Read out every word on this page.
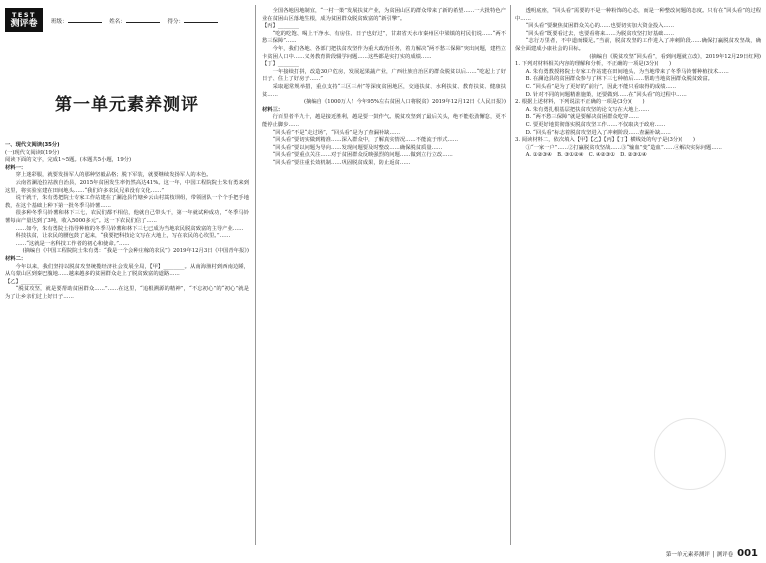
TEST
测评卷 班级：	姓名：	得分：
第一单元素养测评

一、现代文阅读(35分)

(一)现代文阅读Ⅰ(19分)

阅读下面的文字，完成1~5题。(本题共5小题，19分)

材料一：

穿上迷彩服，就要发扬军人的那种坚毅品格；脱下军装，就要继续发扬军人的本色。

云南省澜沧拉祜族自治县，2015年贫困发生率仍然高达41%。这一年，中国工程院院士朱有勇来到这里，将实验室建在田间地头……“我们许多农民兄弟没有文化……”

说干就干，朱有勇把院士专家工作站建在了澜沧县竹塘乡云山村蒿枝坝组，带领团队一个个手把手地教，在这个基础上种下第一批冬季马铃薯……

很多种冬季马铃薯和林下三七，农民们都不相信，他就自己带头干，第一年就试种成功，“冬季马铃薯每亩产量达到了3吨，收入5000多元”。这一下农民们信了……

……如今，朱有勇院士指导种植的冬季马铃薯和林下三七已成为当地农民脱贫致富的主导产业……

科技扶贫，让农民的腰包鼓了起来，“我要把科技论文写在大地上，写在农民的心坎里。”……

……“这就是一名科技工作者的初心和使命。”……

(摘编自《中国工程院院士朱有勇：“我是一个会种庄稼的农民”》2019年12月3日《中国青年报》)

材料二：

今年以来，我们坚持以脱贫攻坚统揽经济社会发展全局，【甲】________。从南海渔村到西南边陲，从乌蒙山区到秦巴腹地……越来越多的贫困群众走上了脱贫致富的道路……

【乙】________

“脱贫攻坚，就是要帮助贫困群众……”……在这里，“追根溯源的精神”，“不忘初心”的“初心”就是为了让乡亲们过上好日子……

全国各地因地制宜，“一村一策”发展扶贫产业，为贫困山区的群众带来了新的希望……一大批特色产业在贫困山区落地生根，成为贫困群众脱贫致富的“新引擎”。

【丙】________

“吃的吃饱、喝上干净水、有房住、日子也好过”，甘肃省天水市秦州区中梁镇的村民们说……“两不愁三保障”……

今年，我们各地、各部门把扶贫攻坚作为重大政治任务，着力解决“两不愁三保障”突出问题，建档立卡贫困人口中……义务教育阶段辍学问题……这些都是实打实的成绩……

【丁】________

一年接续打拼，改造30户危房，发展起果蔬产业，广西壮族自治区的群众脱贫以后……“吃起上了好日子、住上了好房子……”

采取超常规举措，重点支持“三区三州”等深度贫困地区，交通扶贫、水利扶贫、教育扶贫、健康扶贫……

(摘编自《1000万人！今年95%左右贫困人口将脱贫》2019年12月12日《人民日报》)

材料三：

行百里者半九十，越是接近胜利，越是要一鼓作气。脱贫攻坚到了最后关头，绝不能松劲懈怠，更不能停止脚步……

“回头看”不是“走过场”，“回头看”是为了查漏补缺……

“回头看”要切实做到精准……深入群众中，了解真实情况……不能流于形式……

“回头看”要以问题为导向……发现问题要及时整改……确保脱贫质量……

“回头看”要重点关注……对于贫困群众反映强烈的问题……做到立行立改……

“回头看”要注重长效机制……巩固脱贫成果，防止返贫……

透明底座，“回头看”需要的不是一种粉饰的心态，而是一种整改问题的态度。只有在“回头看”的过程中……

“回头看”要聚焦贫困群众关心的……也要切实加大资金投入……

“回头看”既要看过去，也要看将来……为脱贫攻坚打好基础……

“志行万里者，不中道而辍足。”当前，脱贫攻坚的工作进入了冲刺阶段……确保打赢脱贫攻坚战，确保全面建成小康社会的目标。

(摘编自《脱贫攻坚“回头看”，看到问题就立改》，2019年12月29日红网)

1. 下列对材料相关内容的理解和分析，不正确的一项是(3分)(　　)

A. 朱有勇教授将院士专家工作站建在田间地头，为当地带来了冬季马铃薯种植技术……

B. 在澜沧县的贫困群众参与了林下三七种植后……帮助当地贫困群众脱贫致富。

C. “回头看”是为了更好的“前行”，因此不能只看取得的成绩……

D. 针对不同的问题精准施策，还要做到……在“回头看”的过程中……

2. 根据上述材料，下列说法不正确的一项是(3分)(　　)

A. 朱有勇扎根基层把扶贫攻坚的论文写在大地上……

B. “两不愁三保障”就是要解决贫困群众吃穿……

C. 要更好地贯彻落实脱贫攻坚工作……不仅取决于政府……

D. “回头看”标志着脱贫攻坚进入了冲刺阶段……查漏补缺……

3. 阅读材料二，依次填入【甲】【乙】【丙】【丁】横线处的句子是(3分)(　　)

①“一家一户”……②打赢脱贫攻坚战……③“输血”变“造血”……④解决实际问题……

A. ①②③④　B. ③①②④　C. ④②③①　D. ②③①④

第一单元素养测评 │ 测评卷 001
